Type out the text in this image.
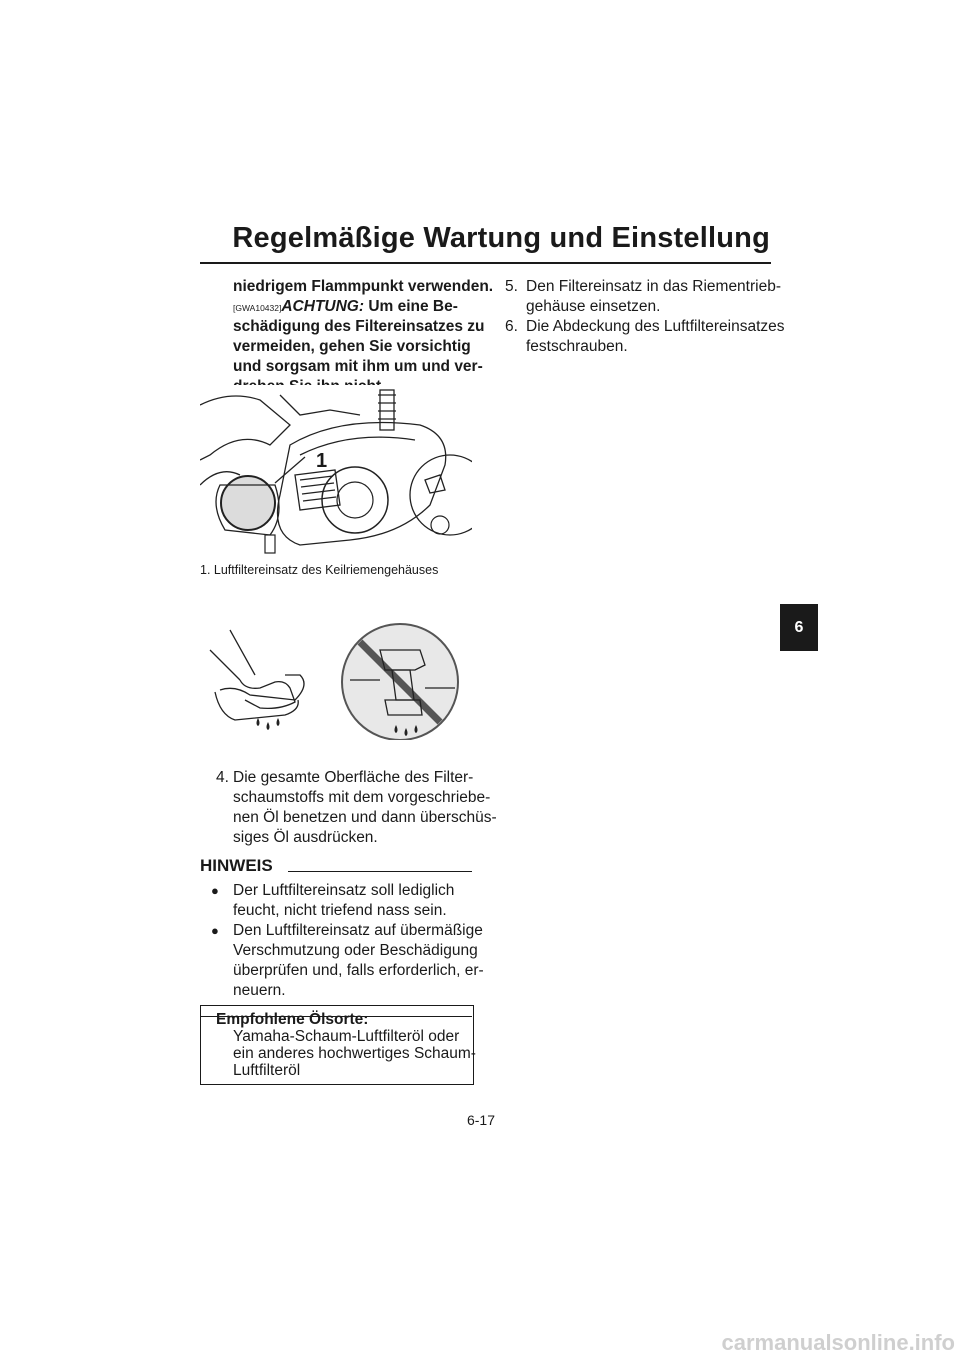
Regelmäßige Wartung und Einstellung
niedrigem Flammpunkt verwenden.
[GWA10432]ACHTUNG: Um eine Be-
schädigung des Filtereinsatzes zu
vermeiden, gehen Sie vorsichtig
und sorgsam mit ihm um und ver-
1
1. Luftfiltereinsatz des Keilriemengehäuses
4. Die gesamte Oberfläche des Filter-
schaumstoffs mit dem vorgeschriebe-
nen Öl benetzen und dann überschüs-
siges Öl ausdrücken.
HINWEIS
● Der Luftfiltereinsatz soll lediglich
feucht, nicht triefend nass sein.
● Den Luftfiltereinsatz auf übermäßige
Verschmutzung oder Beschädigung
überprüfen und, falls erforderlich, er-
neuern.
Empfohlene Ölsorte:
Yamaha-Schaum-Luftfilteröl oder
ein anderes hochwertiges Schaum-
Luftfilteröl
5. Den Filtereinsatz in das Riementrieb-
gehäuse einsetzen.
6. Die Abdeckung des Luftfiltereinsatzes
festschrauben.
6
6-17
carmanualsonline.info
